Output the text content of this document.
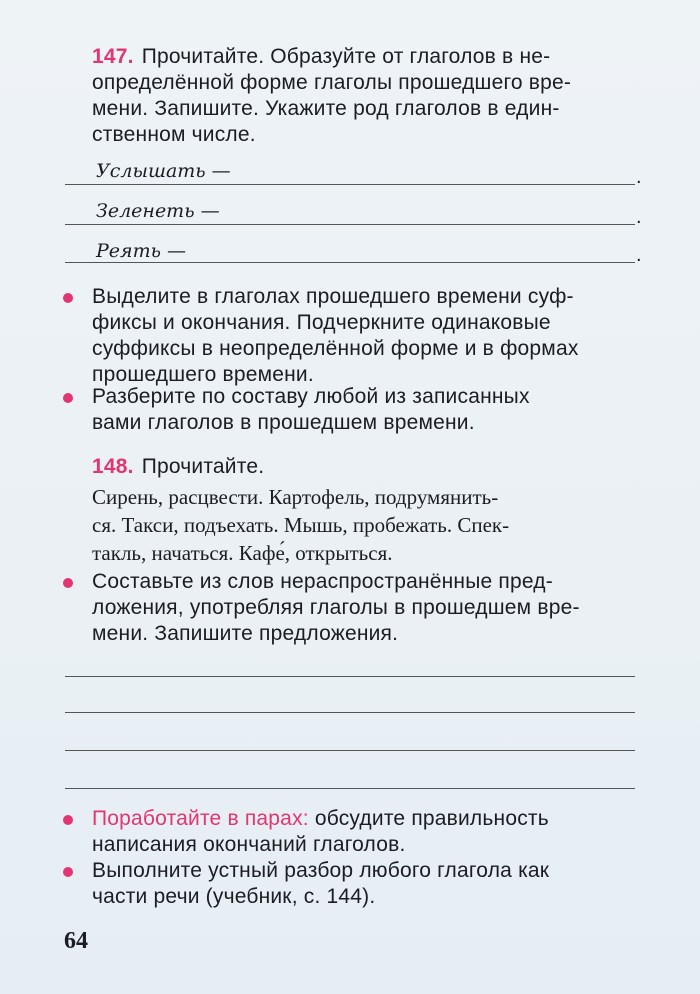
147. Прочитайте. Образуйте от глаголов в не-
определённой форме глаголы прошедшего вре-
мени. Запишите. Укажите род глаголов в един-
ственном числе.
Услышать —	.
Зеленеть —	.
Реять —	.
Выделите в глаголах прошедшего времени суф-
фиксы и окончания. Подчеркните одинаковые
суффиксы в неопределённой форме и в формах
прошедшего времени.
Разберите по составу любой из записанных
вами глаголов в прошедшем времени.
148. Прочитайте.
Сирень, расцвести. Картофель, подрумянить-
ся. Такси, подъехать. Мышь, пробежать. Спек-
такль, начаться. Кафе́, открыться.
Составьте из слов нераспространённые пред-
ложения, употребляя глаголы в прошедшем вре-
мени. Запишите предложения.
Поработайте в парах: обсудите правильность
написания окончаний глаголов.
Выполните устный разбор любого глагола как
части речи (учебник, с. 144).
64
